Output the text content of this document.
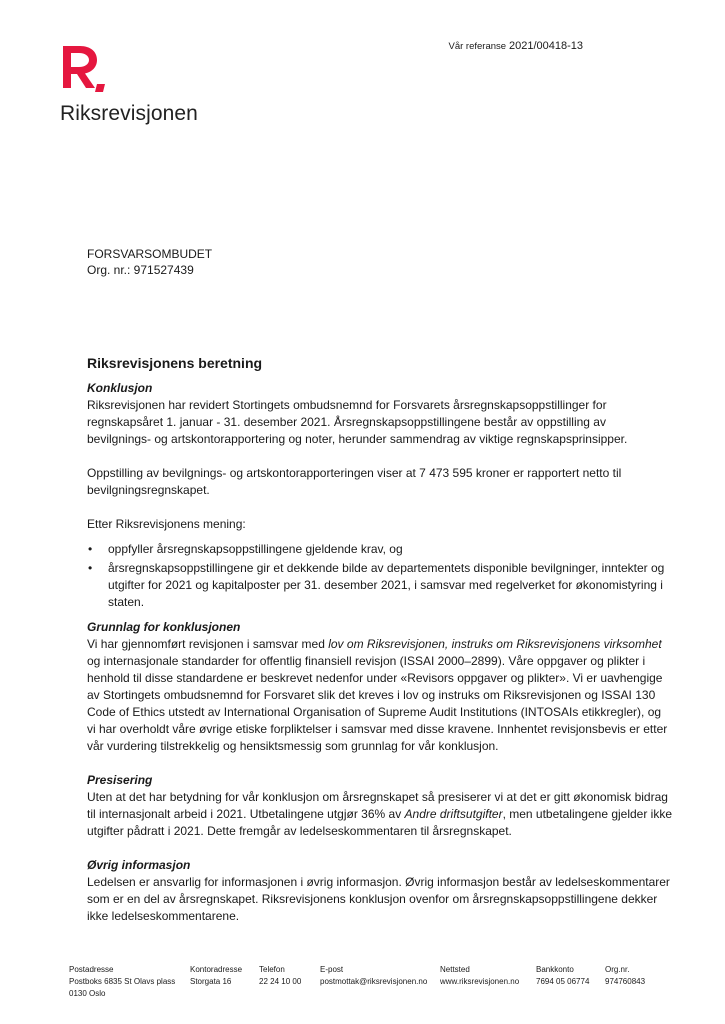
Vår referanse 2021/00418-13
Riksrevisjonen
FORSVARSOMBUDET
Org. nr.: 971527439
Riksrevisjonens beretning
Konklusjon

Riksrevisjonen har revidert Stortingets ombudsnemnd for Forsvarets årsregnskapsoppstillinger for regnskapsåret 1. januar - 31. desember 2021. Årsregnskapsoppstillingene består av oppstilling av bevilgnings- og artskontorapportering og noter, herunder sammendrag av viktige regnskapsprinsipper.

Oppstilling av bevilgnings- og artskontorapporteringen viser at 7 473 595 kroner er rapportert netto til bevilgningsregnskapet.

Etter Riksrevisjonens mening:

• oppfyller årsregnskapsoppstillingene gjeldende krav, og
• årsregnskapsoppstillingene gir et dekkende bilde av departementets disponible bevilgninger, inntekter og utgifter for 2021 og kapitalposter per 31. desember 2021, i samsvar med regelverket for økonomistyring i staten.
Grunnlag for konklusjonen

Vi har gjennomført revisjonen i samsvar med lov om Riksrevisjonen, instruks om Riksrevisjonens virksomhet og internasjonale standarder for offentlig finansiell revisjon (ISSAI 2000–2899). Våre oppgaver og plikter i henhold til disse standardene er beskrevet nedenfor under «Revisors oppgaver og plikter». Vi er uavhengige av Stortingets ombudsnemnd for Forsvaret slik det kreves i lov og instruks om Riksrevisjonen og ISSAI 130 Code of Ethics utstedt av International Organisation of Supreme Audit Institutions (INTOSAIs etikkregler), og vi har overholdt våre øvrige etiske forpliktelser i samsvar med disse kravene. Innhentet revisjonsbevis er etter vår vurdering tilstrekkelig og hensiktsmessig som grunnlag for vår konklusjon.

Presisering

Uten at det har betydning for vår konklusjon om årsregnskapet så presiserer vi at det er gitt økonomisk bidrag til internasjonalt arbeid i 2021. Utbetalingene utgjør 36% av Andre driftsutgifter, men utbetalingene gjelder ikke utgifter pådratt i 2021. Dette fremgår av ledelseskommentaren til årsregnskapet.

Øvrig informasjon

Ledelsen er ansvarlig for informasjonen i øvrig informasjon. Øvrig informasjon består av ledelseskommentarer som er en del av årsregnskapet. Riksrevisjonens konklusjon ovenfor om årsregnskapsoppstillingene dekker ikke ledelseskommentarene.

Postadresse
Postboks 6835 St Olavs plass
0130 Oslo
Kontoradresse
Storgata 16
Telefon
22 24 10 00
E-post
postmottak@riksrevisjonen.no
Nettsted
www.riksrevisjonen.no
Bankkonto
7694 05 06774
Org.nr.
974760843
